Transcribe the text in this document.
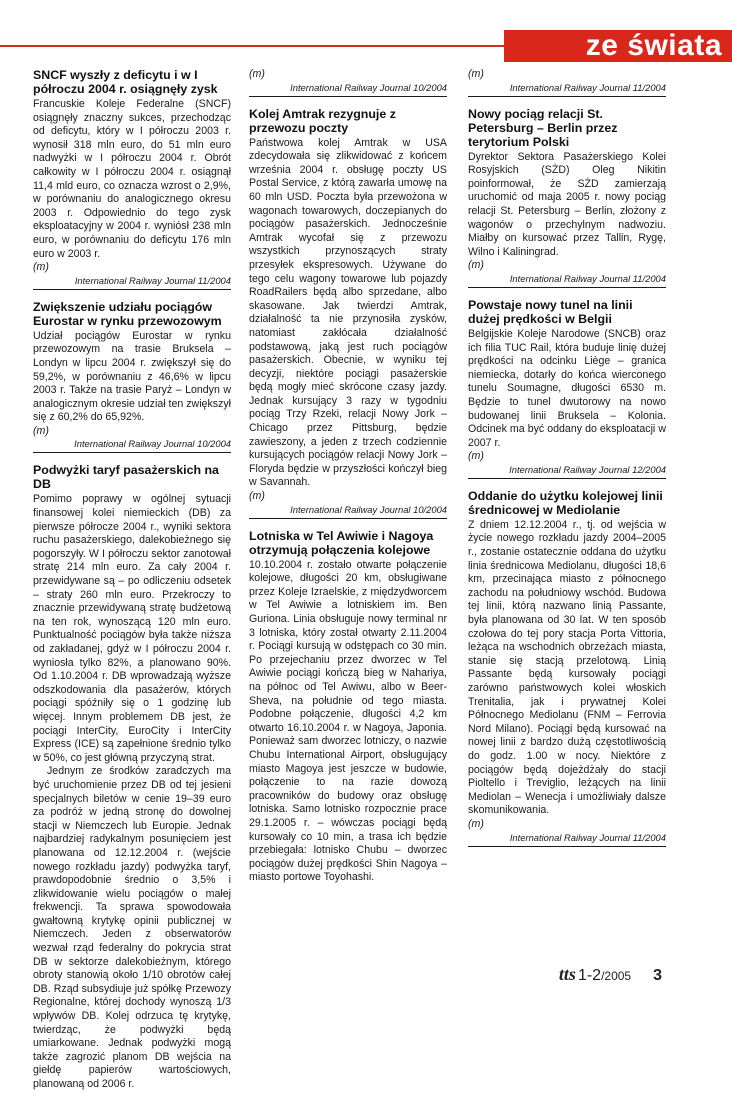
ze świata
SNCF wyszły z deficytu i w I półroczu 2004 r. osiągnęły zysk

Francuskie Koleje Federalne (SNCF) osiągnęły znaczny sukces, przechodząc od deficytu, który w I półroczu 2003 r. wynosił 318 mln euro, do 51 mln euro nadwyżki w I półroczu 2004 r. Obrót całkowity w I półroczu 2004 r. osiągnął 11,4 mld euro, co oznacza wzrost o 2,9%, w porównaniu do analogicznego okresu 2003 r. Odpowiednio do tego zysk eksploatacyjny w 2004 r. wyniósł 238 mln euro, w porównaniu do deficytu 176 mln euro w 2003 r.

(m)

International Railway Journal 11/2004
Zwiększenie udziału pociągów Eurostar w rynku przewozowym

Udział pociągów Eurostar w rynku przewozowym na trasie Bruksela – Londyn w lipcu 2004 r. zwiększył się do 59,2%, w porównaniu z 46,6% w lipcu 2003 r. Także na trasie Paryż – Londyn w analogicznym okresie udział ten zwiększył się z 60,2% do 65,92%.

(m)

International Railway Journal 10/2004
Podwyżki taryf pasażerskich na DB

Pomimo poprawy w ogólnej sytuacji finansowej kolei niemieckich (DB) za pierwsze półrocze 2004 r., wyniki sektora ruchu pasażerskiego, dalekobieżnego się pogorszyły. W I półroczu sektor zanotował stratę 214 mln euro. Za cały 2004 r. przewidywane są – po odliczeniu odsetek – straty 260 mln euro. Przekroczy to znacznie przewidywaną stratę budżetową na ten rok, wynoszącą 120 mln euro. Punktualność pociągów była także niższa od zakładanej, gdyż w I półroczu 2004 r. wyniosła tylko 82%, a planowano 90%. Od 1.10.2004 r. DB wprowadzają wyższe odszkodowania dla pasażerów, których pociągi spóźniły się o 1 godzinę lub więcej. Innym problemem DB jest, że pociągi InterCity, EuroCity i InterCity Express (ICE) są zapełnione średnio tylko w 50%, co jest główną przyczyną strat.

Jednym ze środków zaradczych ma być uruchomienie przez DB od tej jesieni specjalnych biletów w cenie 19–39 euro za podróż w jedną stronę do dowolnej stacji w Niemczech lub Europie. Jednak najbardziej radykalnym posunięciem jest planowana od 12.12.2004 r. (wejście nowego rozkładu jazdy) podwyżka taryf, prawdopodobnie średnio o 3,5% i zlikwidowanie wielu pociągów o małej frekwencji. Ta sprawa spowodowała gwałtowną krytykę opinii publicznej w Niemczech. Jeden z obserwatorów wezwał rząd federalny do pokrycia strat DB w sektorze dalekobieżnym, którego obroty stanowią około 1/10 obrotów całej DB. Rząd subsydiuje już spółkę Przewozy Regionalne, której dochody wynoszą 1/3 wpływów DB. Kolej odrzuca tę krytykę, twierdząc, że podwyżki będą umiarkowane. Jednak podwyżki mogą także zagrozić planom DB wejścia na giełdę papierów wartościowych, planowaną od 2006 r.

(m)

International Railway Journal 10/2004
Kolej Amtrak rezygnuje z przewozu poczty

Państwowa kolej Amtrak w USA zdecydowała się zlikwidować z końcem września 2004 r. obsługę poczty US Postal Service, z którą zawarła umowę na 60 mln USD. Poczta była przewożona w wagonach towarowych, doczepianych do pociągów pasażerskich. Jednocześnie Amtrak wycofał się z przewozu wszystkich przynoszących straty przesyłek ekspresowych. Używane do tego celu wagony towarowe lub pojazdy RoadRailers będą albo sprzedane, albo skasowane. Jak twierdzi Amtrak, działalność ta nie przynosiła zysków, natomiast zakłócała działalność podstawową, jaką jest ruch pociągów pasażerskich. Obecnie, w wyniku tej decyzji, niektóre pociągi pasażerskie będą mogły mieć skrócone czasy jazdy. Jednak kursujący 3 razy w tygodniu pociąg Trzy Rzeki, relacji Nowy Jork – Chicago przez Pittsburg, będzie zawieszony, a jeden z trzech codziennie kursujących pociągów relacji Nowy Jork – Floryda będzie w przyszłości kończył bieg w Savannah.

(m)

International Railway Journal 10/2004
Lotniska w Tel Awiwie i Nagoya otrzymują połączenia kolejowe

10.10.2004 r. zostało otwarte połączenie kolejowe, długości 20 km, obsługiwane przez Koleje Izraelskie, z międzydworcem w Tel Awiwie a lotniskiem im. Ben Guriona. Linia obsługuje nowy terminal nr 3 lotniska, który został otwarty 2.11.2004 r. Pociągi kursują w odstępach co 30 min. Po przejechaniu przez dworzec w Tel Awiwie pociągi kończą bieg w Nahariya, na północ od Tel Awiwu, albo w Beer-Sheva, na południe od tego miasta. Podobne połączenie, długości 4,2 km otwarto 16.10.2004 r. w Nagoya, Japonia. Ponieważ sam dworzec lotniczy, o nazwie Chubu International Airport, obsługujący miasto Magoya jest jeszcze w budowie, połączenie to na razie dowozą pracowników do budowy oraz obsługę lotniska. Samo lotnisko rozpocznie prace 29.1.2005 r. – wówczas pociągi będą kursowały co 10 min, a trasa ich będzie przebiegała: lotnisko Chubu – dworzec pociągów dużej prędkości Shin Nagoya – miasto portowe Toyohashi.

(m)

International Railway Journal 11/2004
Nowy pociąg relacji St. Petersburg – Berlin przez terytorium Polski

Dyrektor Sektora Pasażerskiego Kolei Rosyjskich (SŻD) Oleg Nikitin poinformował, że SŻD zamierzają uruchomić od maja 2005 r. nowy pociąg relacji St. Petersburg – Berlin, złożony z wagonów o przechylnym nadwoziu. Miałby on kursować przez Tallin, Rygę, Wilno i Kaliningrad.

(m)

International Railway Journal 11/2004
Powstaje nowy tunel na linii dużej prędkości w Belgii

Belgijskie Koleje Narodowe (SNCB) oraz ich filia TUC Rail, która buduje linię dużej prędkości na odcinku Liège – granica niemiecka, dotarły do końca wierconego tunelu Soumagne, długości 6530 m. Będzie to tunel dwutorowy na nowo budowanej linii Bruksela – Kolonia. Odcinek ma być oddany do eksploatacji w 2007 r.

(m)

International Railway Journal 12/2004
Oddanie do użytku kolejowej linii średnicowej w Mediolanie

Z dniem 12.12.2004 r., tj. od wejścia w życie nowego rozkładu jazdy 2004–2005 r., zostanie ostatecznie oddana do użytku linia średnicowa Mediolanu, długości 18,6 km, przecinająca miasto z północnego zachodu na południowy wschód. Budowa tej linii, którą nazwano linią Passante, była planowana od 30 lat. W ten sposób czołowa do tej pory stacja Porta Vittoria, leżąca na wschodnich obrzeżach miasta, stanie się stacją przelotową. Linią Passante będą kursowały pociągi zarówno państwowych kolei włoskich Trenitalia, jak i prywatnej Kolei Północnego Mediolanu (FNM – Ferrovia Nord Milano). Pociągi będą kursować na nowej linii z bardzo dużą częstotliwością do godz. 1.00 w nocy. Niektóre z pociągów będą dojeżdżały do stacji Pioltello i Treviglio, leżących na linii Mediolan – Wenecja i umożliwiały dalsze skomunikowania.

(m)

International Railway Journal 11/2004
tts 1-2 /2005 3
